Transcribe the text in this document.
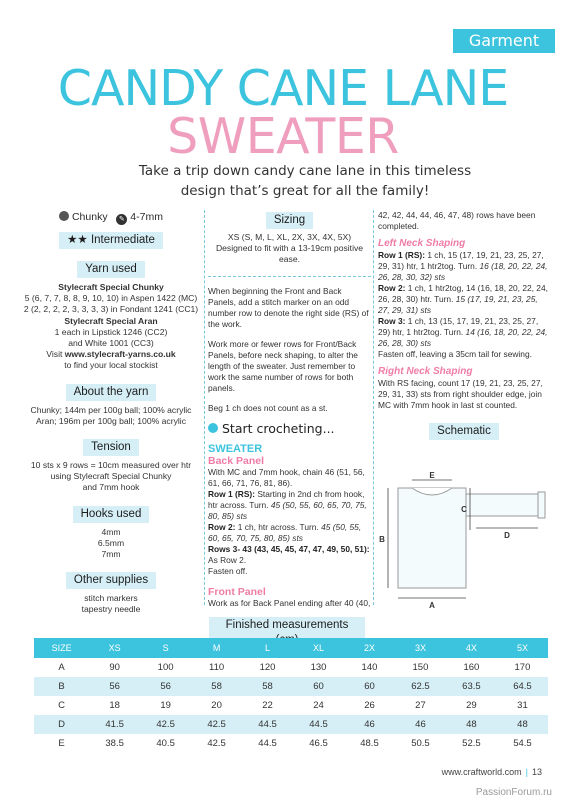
Garment
CANDY CANE LANE
SWEATER
Take a trip down candy cane lane in this timeless design that’s great for all the family!
Chunky ✎ 4-7mm
★★ Intermediate
Yarn used
Stylecraft Special Chunky
5 (6, 7, 7, 8, 8, 9, 10, 10) in Aspen 1422 (MC)
2 (2, 2, 2, 2, 3, 3, 3, 3) in Fondant 1241 (CC1)
Stylecraft Special Aran
1 each in Lipstick 1246 (CC2)
and White 1001 (CC3)
Visit www.stylecraft-yarns.co.uk
to find your local stockist
About the yarn
Chunky; 144m per 100g ball; 100% acrylic
Aran; 196m per 100g ball; 100% acrylic
Tension
10 sts x 9 rows = 10cm measured over htr
using Stylecraft Special Chunky
and 7mm hook
Hooks used
4mm
6.5mm
7mm
Other supplies
stitch markers
tapestry needle
Sizing
XS (S, M, L, XL, 2X, 3X, 4X, 5X)
Designed to fit with a 13-19cm positive ease.

When beginning the Front and Back Panels, add a stitch marker on an odd number row to denote the right side (RS) of the work.

Work more or fewer rows for Front/Back Panels, before neck shaping, to alter the length of the sweater. Just remember to work the same number of rows for both panels.

Beg 1 ch does not count as a st.

Start crocheting...
SWEATER
Back Panel
With MC and 7mm hook, chain 46 (51, 56, 61, 66, 71, 76, 81, 86).
Row 1 (RS): Starting in 2nd ch from hook, htr across. Turn. 45 (50, 55, 60, 65, 70, 75, 80, 85) sts
Row 2: 1 ch, htr across. Turn. 45 (50, 55, 60, 65, 70, 75, 80, 85) sts
Rows 3- 43 (43, 45, 45, 47, 47, 49, 50, 51): As Row 2.
Fasten off.
Front Panel
Work as for Back Panel ending after 40 (40,
42, 42, 44, 44, 46, 47, 48) rows have been completed.
Left Neck Shaping
Row 1 (RS): 1 ch, 15 (17, 19, 21, 23, 25, 27, 29, 31) htr, 1 htr2tog. Turn. 16 (18, 20, 22, 24, 26, 28, 30, 32) sts
Row 2: 1 ch, 1 htr2tog, 14 (16, 18, 20, 22, 24, 26, 28, 30) htr. Turn. 15 (17, 19, 21, 23, 25, 27, 29, 31) sts
Row 3: 1 ch, 13 (15, 17, 19, 21, 23, 25, 27, 29) htr, 1 htr2tog. Turn. 14 (16, 18, 20, 22, 24, 26, 28, 30) sts
Fasten off, leaving a 35cm tail for sewing.
Right Neck Shaping
With RS facing, count 17 (19, 21, 23, 25, 27, 29, 31, 33) sts from right shoulder edge, join MC with 7mm hook in last st counted.
Schematic
E
B
C
D
A
Finished measurements
SIZE	XS	S	M	L	XL	2X	3X	4X	5X
A	90	100	110	120	130	140	150	160	170
B	56	56	58	58	60	60	62.5	63.5	64.5
C	18	19	20	22	24	26	27	29	31
D	41.5	42.5	42.5	44.5	44.5	46	46	48	48
E	38.5	40.5	42.5	44.5	46.5	48.5	50.5	52.5	54.5
www.craftworld.com | 13
PassionForum.ru
